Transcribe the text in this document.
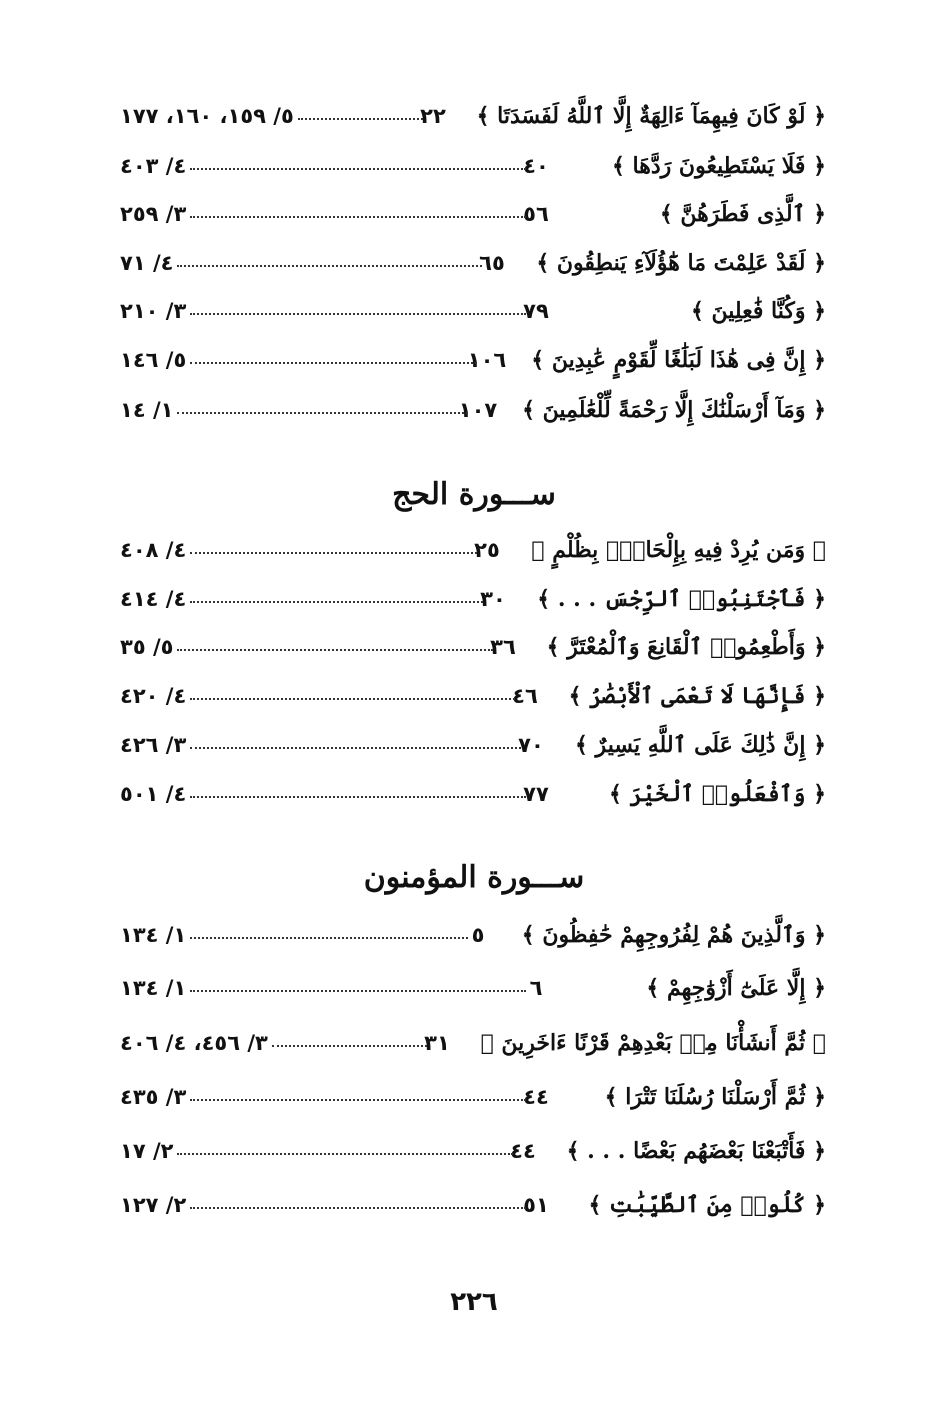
﴿ لَوْ كَانَ فِيهِمَآ ءَالِهَةٌ إِلَّا ٱللَّهُ لَفَسَدَتَا ﴾
٢٢
٥/ ١٥٩، ١٦٠، ١٧٧
﴿ فَلَا يَسْتَطِيعُونَ رَدَّهَا ﴾
٤٠
٤/ ٤٠٣
﴿ ٱلَّذِى فَطَرَهُنَّ ﴾
٥٦
٣/ ٢٥٩
﴿ لَقَدْ عَلِمْتَ مَا هَٰٓؤُلَآءِ يَنطِقُونَ ﴾
٦٥
٤/ ٧١
﴿ وَكُنَّا فَٰعِلِينَ ﴾
٧٩
٣/ ٢١٠
﴿ إِنَّ فِى هَٰذَا لَبَلَٰغًا لِّقَوْمٍ عَٰبِدِينَ ﴾
١٠٦
٥/ ١٤٦
﴿ وَمَآ أَرْسَلْنَٰكَ إِلَّا رَحْمَةً لِّلْعَٰلَمِينَ ﴾
١٠٧
١/ ١٤
ســـورة الحج
﴿ وَمَن يُرِدْ فِيهِ بِإِلْحَادٍۭ بِظُلْمٍ ﴾
٢٥
٤/ ٤٠٨
﴿ فَٱجْتَنِبُوا۟ ٱلرِّجْسَ . . . ﴾
٣٠
٤/ ٤١٤
﴿ وَأَطْعِمُوا۟ ٱلْقَانِعَ وَٱلْمُعْتَرَّ ﴾
٣٦
٥/ ٣٥
﴿ فَإِنَّهَا لَا تَعْمَى ٱلْأَبْصَٰرُ ﴾
٤٦
٤/ ٤٢٠
﴿ إِنَّ ذَٰلِكَ عَلَى ٱللَّهِ يَسِيرٌ ﴾
٧٠
٣/ ٤٢٦
﴿ وَٱفْعَلُوا۟ ٱلْخَيْرَ ﴾
٧٧
٤/ ٥٠١
ســـورة المؤمنون
﴿ وَٱلَّذِينَ هُمْ لِفُرُوجِهِمْ حَٰفِظُونَ ﴾
٥
١/ ١٣٤
﴿ إِلَّا عَلَىٰٓ أَزْوَٰجِهِمْ ﴾
٦
١/ ١٣٤
﴿ ثُمَّ أَنشَأْنَا مِنۢ بَعْدِهِمْ قَرْنًا ءَاخَرِينَ ﴾
٣١
٣/ ٤٥٦، ٤/ ٤٠٦
﴿ ثُمَّ أَرْسَلْنَا رُسُلَنَا تَتْرَا ﴾
٤٤
٣/ ٤٣٥
﴿ فَأَتْبَعْنَا بَعْضَهُم بَعْضًا . . . ﴾
٤٤
٢/ ١٧
﴿ كُلُوا۟ مِنَ ٱلطَّيِّبَٰتِ ﴾
٥١
٢/ ١٢٧
٢٢٦
